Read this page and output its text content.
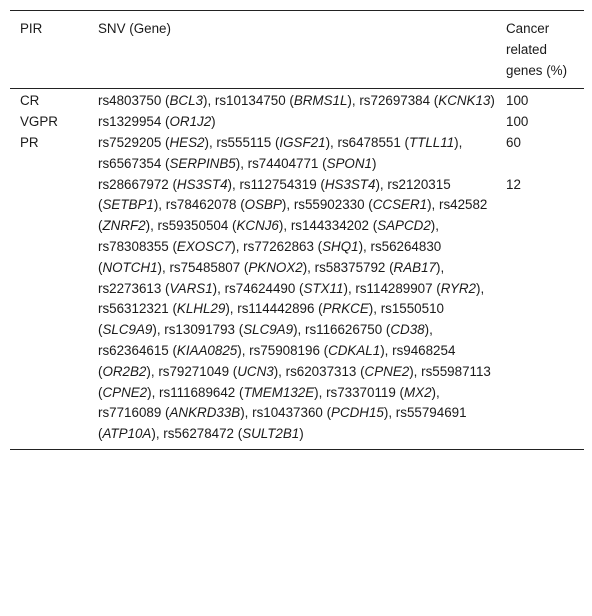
PIR	SNV (Gene)	Cancer related genes (%)
CR	rs4803750 (BCL3), rs10134750 (BRMS1L), rs72697384 (KCNK13)	100
VGPR	rs1329954 (OR1J2)	100
PR	rs7529205 (HES2), rs555115 (IGSF21), rs6478551 (TTLL11), rs6567354 (SERPINB5), rs74404771 (SPON1)	60
	rs28667972 (HS3ST4), rs112754319 (HS3ST4), rs2120315 (SETBP1), rs78462078 (OSBP), rs55902330 (CCSER1), rs42582 (ZNRF2), rs59350504 (KCNJ6), rs144334202 (SAPCD2), rs78308355 (EXOSC7), rs77262863 (SHQ1), rs56264830 (NOTCH1), rs75485807 (PKNOX2), rs58375792 (RAB17), rs2273613 (VARS1), rs74624490 (STX11), rs114289907 (RYR2), rs56312321 (KLHL29), rs114442896 (PRKCE), rs1550510 (SLC9A9), rs13091793 (SLC9A9), rs116626750 (CD38), rs62364615 (KIAA0825), rs75908196 (CDKAL1), rs9468254 (OR2B2), rs79271049 (UCN3), rs62037313 (CPNE2), rs55987113 (CPNE2), rs111689642 (TMEM132E), rs73370119 (MX2), rs7716089 (ANKRD33B), rs10437360 (PCDH15), rs55794691 (ATP10A), rs56278472 (SULT2B1)	12
